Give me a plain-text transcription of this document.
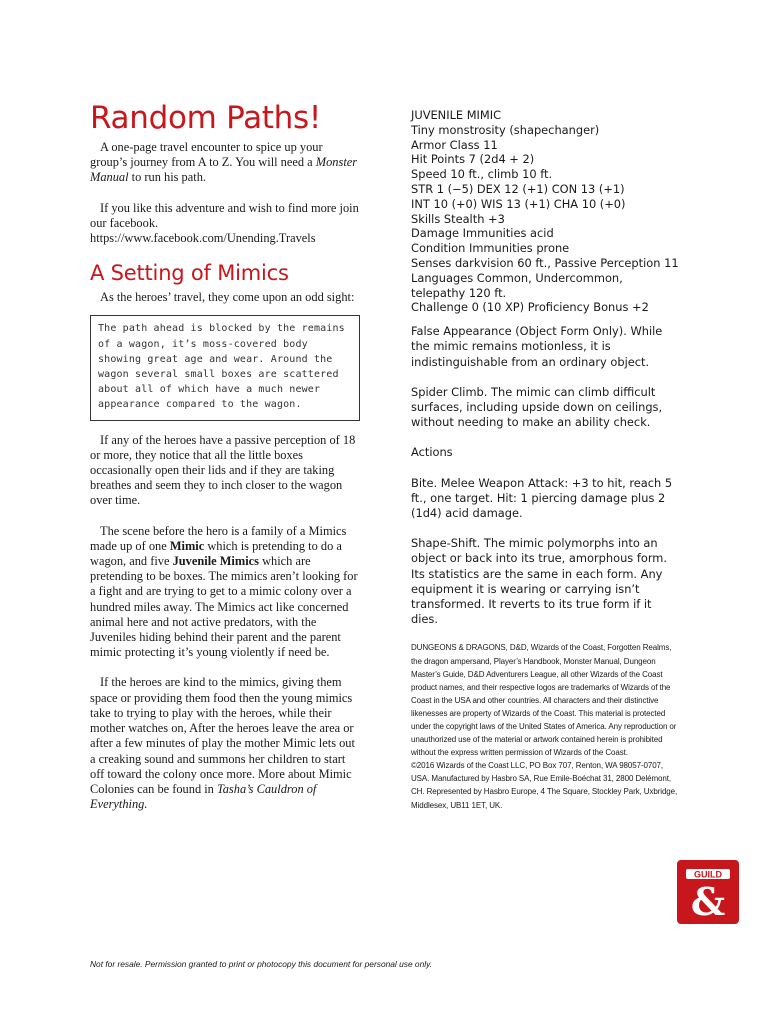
Random Paths!

A one-page travel encounter to spice up your group’s journey from A to Z. You will need a Monster Manual to run his path.

If you like this adventure and wish to find more join our facebook.

https://www.facebook.com/Unending.Travels

A Setting of Mimics

As the heroes’ travel, they come upon an odd sight:

The path ahead is blocked by the remains of a wagon, it’s moss-covered body showing great age and wear. Around the wagon several small boxes are scattered about all of which have a much newer appearance compared to the wagon.

If any of the heroes have a passive perception of 18 or more, they notice that all the little boxes occasionally open their lids and if they are taking breathes and seem they to inch closer to the wagon over time.

The scene before the hero is a family of a Mimics made up of one Mimic which is pretending to do a wagon, and five Juvenile Mimics which are pretending to be boxes. The mimics aren’t looking for a fight and are trying to get to a mimic colony over a hundred miles away. The Mimics act like concerned animal here and not active predators, with the Juveniles hiding behind their parent and the parent mimic protecting it’s young violently if need be.

If the heroes are kind to the mimics, giving them space or providing them food then the young mimics take to trying to play with the heroes, while their mother watches on, After the heroes leave the area or after a few minutes of play the mother Mimic lets out a creaking sound and summons her children to start off toward the colony once more. More about Mimic Colonies can be found in Tasha’s Cauldron of Everything.

JUVENILE MIMIC

Tiny monstrosity (shapechanger)

Armor Class 11

Hit Points 7 (2d4 + 2)

Speed 10 ft., climb 10 ft.

STR 1 (−5) DEX 12 (+1) CON 13 (+1)

INT 10 (+0) WIS 13 (+1) CHA 10 (+0)

Skills Stealth +3

Damage Immunities acid

Condition Immunities prone

Senses darkvision 60 ft., Passive Perception 11

Languages Common, Undercommon, telepathy 120 ft.

Challenge 0 (10 XP) Proficiency Bonus +2

False Appearance (Object Form Only). While the mimic remains motionless, it is indistinguishable from an ordinary object.

Spider Climb. The mimic can climb difficult surfaces, including upside down on ceilings, without needing to make an ability check.

Actions

Bite. Melee Weapon Attack: +3 to hit, reach 5 ft., one target. Hit: 1 piercing damage plus 2 (1d4) acid damage.

Shape-Shift. The mimic polymorphs into an object or back into its true, amorphous form. Its statistics are the same in each form. Any equipment it is wearing or carrying isn’t transformed. It reverts to its true form if it dies.

DUNGEONS & DRAGONS, D&D, Wizards of the Coast, Forgotten Realms, the dragon ampersand, Player’s Handbook, Monster Manual, Dungeon Master’s Guide, D&D Adventurers League, all other Wizards of the Coast product names, and their respective logos are trademarks of Wizards of the Coast in the USA and other countries. All characters and their distinctive likenesses are property of Wizards of the Coast. This material is protected under the copyright laws of the United States of America. Any reproduction or unauthorized use of the material or artwork contained herein is prohibited without the express written permission of Wizards of the Coast.
©2016 Wizards of the Coast LLC, PO Box 707, Renton, WA 98057-0707, USA. Manufactured by Hasbro SA, Rue Emile-Boéchat 31, 2800 Delémont, CH. Represented by Hasbro Europe, 4 The Square, Stockley Park, Uxbridge, Middlesex, UB11 1ET, UK.
GUILD
&
Not for resale. Permission granted to print or photocopy this document for personal use only.
